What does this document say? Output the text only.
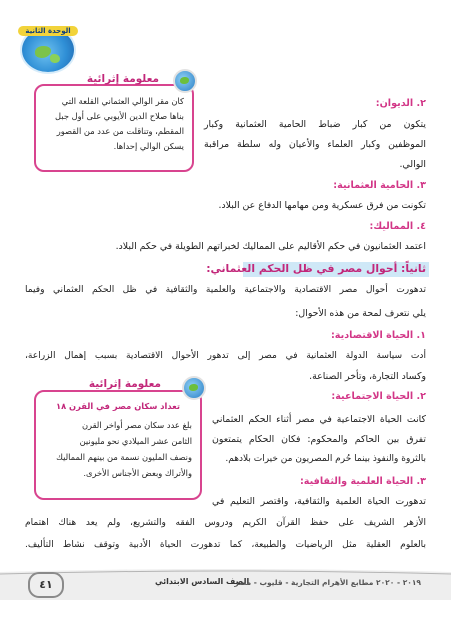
الوحدة الثانية
معلومة إثرائية
كان مقر الوالي العثماني القلعة التي
بناها صلاح الدين الأيوبي على أول جبل
المقطم، وتناقلت من عدد من القصور
يسكن الوالي إحداها.
٢. الديوان:
يتكون من كبار ضباط الحامية العثمانية وكبار
الموظفين وكبار العلماء والأعيان وله سلطة مراقبة
الوالي.
٣. الحامية العثمانية:
تكونت من فرق عسكرية ومن مهامها الدفاع عن البلاد.
٤. المماليك:
اعتمد العثمانيون في حكم الأقاليم على المماليك لخبراتهم الطويلة في حكم البلاد.
ثانياً: أحوال مصر في ظل الحكم العثماني:
تدهورت أحوال مصر الاقتصادية والاجتماعية والعلمية والثقافية في ظل الحكم العثماني وفيما
يلي نتعرف لمحة من هذه الأحوال:
١. الحياة الاقتصادية:
أدت سياسة الدولة العثمانية في مصر إلى تدهور الأحوال الاقتصادية بسبب إهمال الزراعة،
وكساد التجارة، وتأخر الصناعة.
معلومة إثرائية
تعداد سكان مصر في القرن ١٨
بلغ عدد سكان مصر أواخر القرن
الثامن عشر الميلادي نحو مليونين
ونصف المليون نسمة من بينهم المماليك
والأتراك وبعض الأجناس الأخرى.
٢. الحياة الاجتماعية:
كانت الحياة الاجتماعية في مصر أثناء الحكم العثماني
تفرق بين الحاكم والمحكوم: فكان الحكام يتمتعون
بالثروة والنفوذ بينما حُرم المصريون من خيرات بلادهم.
٣. الحياة العلمية والثقافية:
تدهورت الحياة العلمية والثقافية، واقتصر التعليم في
الأزهر الشريف على حفظ القرآن الكريم ودروس الفقه والتشريع، ولم يعد هناك اهتمام
بالعلوم العقلية مثل الرياضيات والطبيعة، كما تدهورت الحياة الأدبية وتوقف نشاط التأليف.
٤١	الصف السادس الابتدائي
٢٠١٩ - ٢٠٢٠ مطابع الأهرام التجارية - قليوب - مصر
